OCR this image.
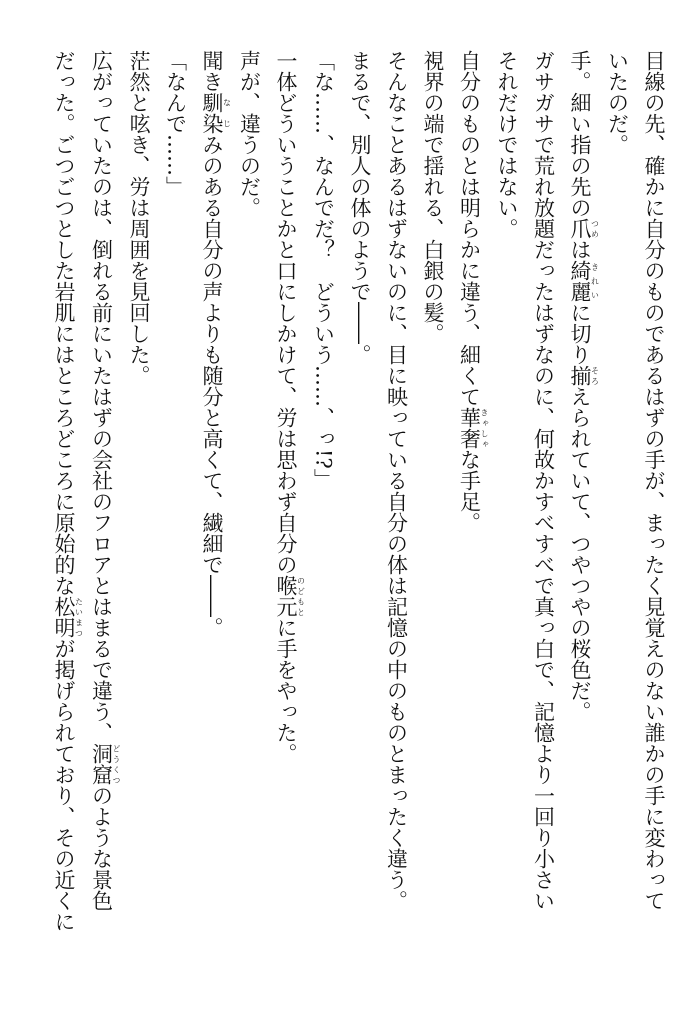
目線の先、確かに自分のものであるはずの手が、まったく見覚えのない誰かの手に変わって
いたのだ。
手。細い指の先の爪つめは綺麗きれいに切り揃そろえられていて、つやつやの桜色だ。
ガサガサで荒れ放題だったはずなのに、何故かすべすべで真っ白で、記憶より一回り小さい
それだけではない。
自分のものとは明らかに違う、細くて華奢きゃしゃな手足。
視界の端で揺れる、白銀の髪。
そんなことあるはずないのに、目に映っている自分の体は記憶の中のものとまったく違う。
まるで、別人の体のようで――。
「な……、なんでだ？　どういう……、っ!?」
一体どういうことかと口にしかけて、労は思わず自分の喉元のどもとに手をやった。
声が、違うのだ。
聞き馴染なじみのある自分の声よりも随分と高くて、繊細で――。
「なんで……」
茫然と呟き、労は周囲を見回した。
広がっていたのは、倒れる前にいたはずの会社のフロアとはまるで違う、洞窟どうくつのような景色
だった。ごつごつとした岩肌にはところどころに原始的な松明たいまつが掲げられており、その近くに
